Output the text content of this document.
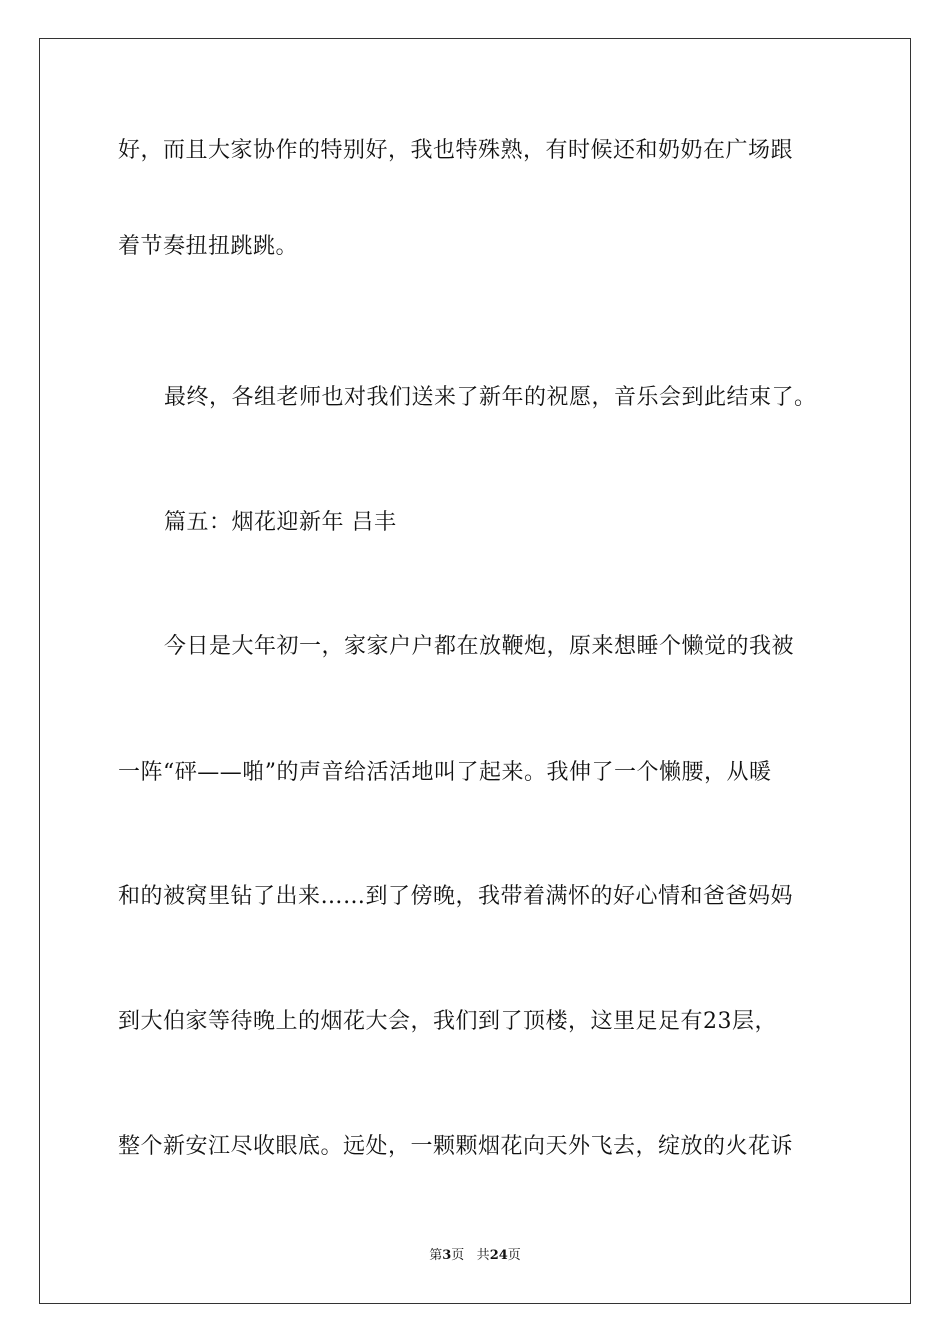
好，而且大家协作的特别好，我也特殊熟，有时候还和奶奶在广场跟
着节奏扭扭跳跳。
最终，各组老师也对我们送来了新年的祝愿，音乐会到此结束了。
篇五：烟花迎新年 吕丰
今日是大年初一，家家户户都在放鞭炮，原来想睡个懒觉的我被
一阵“砰——啪”的声音给活活地叫了起来。我伸了一个懒腰，从暖
和的被窝里钻了出来……到了傍晚，我带着满怀的好心情和爸爸妈妈
到大伯家等待晚上的烟花大会，我们到了顶楼，这里足足有23层，
整个新安江尽收眼底。远处，一颗颗烟花向天外飞去，绽放的火花诉
第3页 共24页
